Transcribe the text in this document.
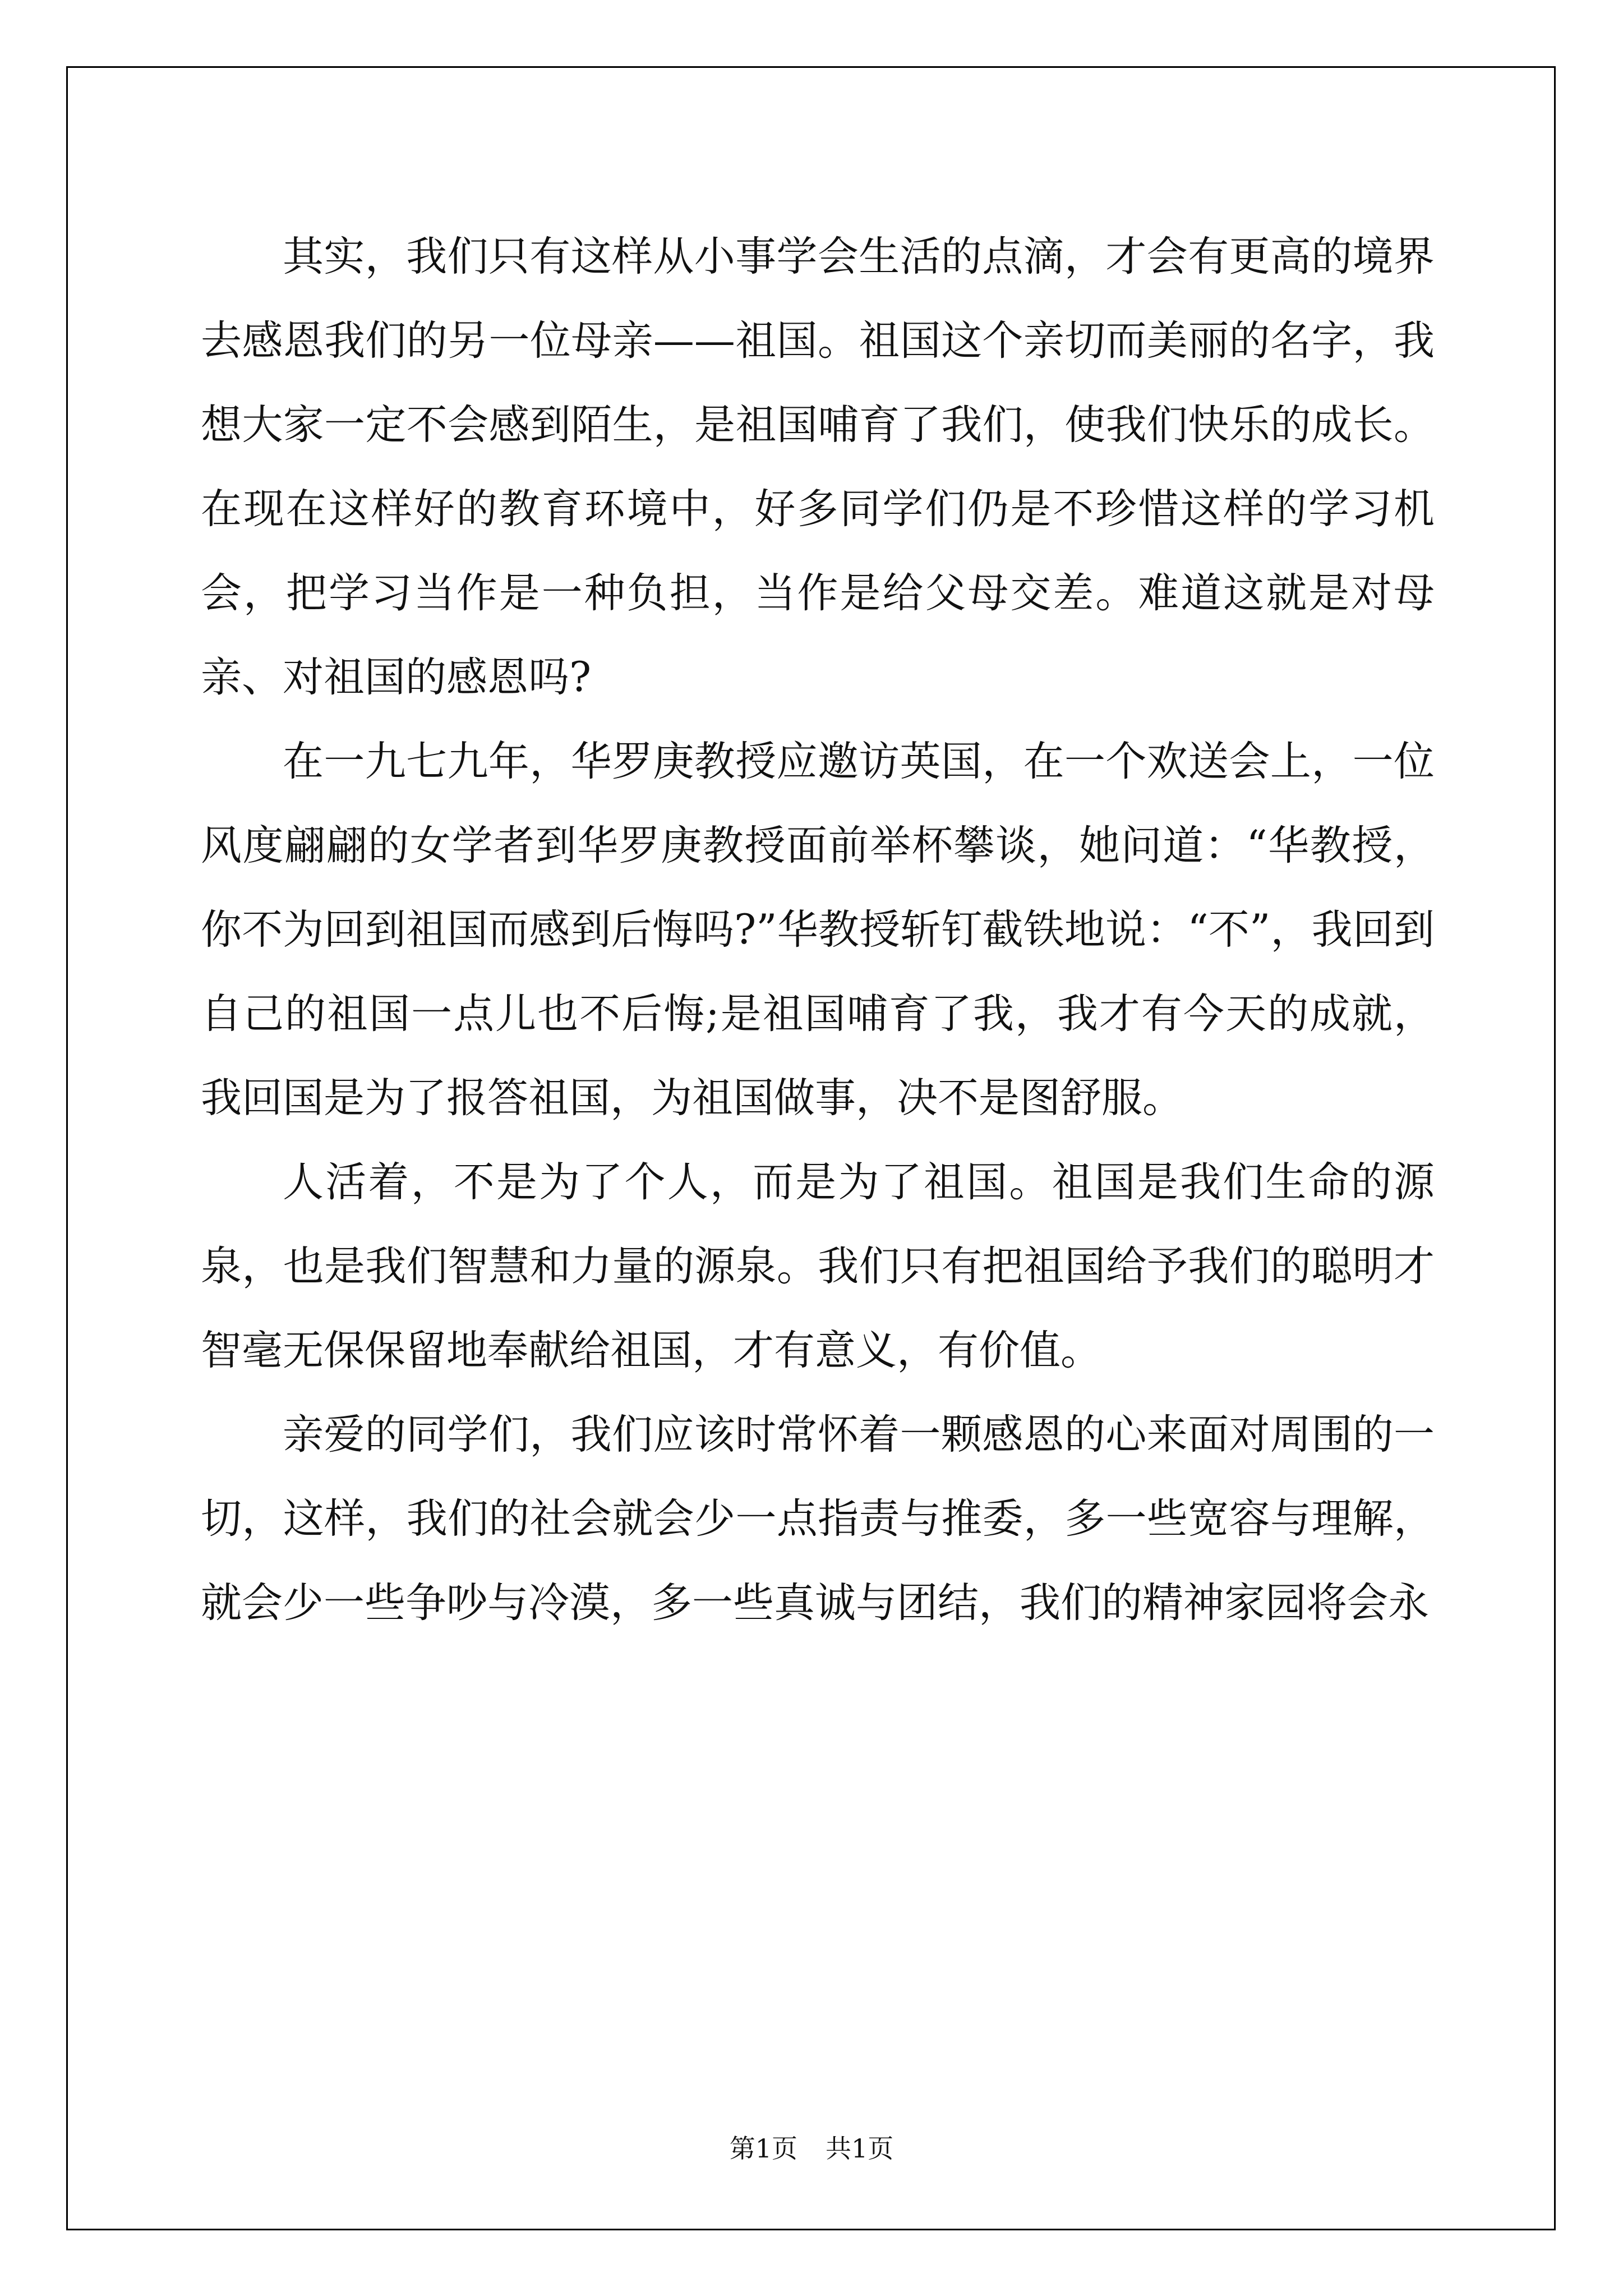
其实，我们只有这样从小事学会生活的点滴，才会有更高的境界去感恩我们的另一位母亲——祖国。祖国这个亲切而美丽的名字，我想大家一定不会感到陌生，是祖国哺育了我们，使我们快乐的成长。在现在这样好的教育环境中，好多同学们仍是不珍惜这样的学习机会，把学习当作是一种负担，当作是给父母交差。难道这就是对母亲、对祖国的感恩吗?

在一九七九年，华罗庚教授应邀访英国，在一个欢送会上，一位风度翩翩的女学者到华罗庚教授面前举杯攀谈，她问道：“华教授，你不为回到祖国而感到后悔吗?”华教授斩钉截铁地说：“不”，我回到自己的祖国一点儿也不后悔;是祖国哺育了我，我才有今天的成就，我回国是为了报答祖国，为祖国做事，决不是图舒服。

人活着，不是为了个人，而是为了祖国。祖国是我们生命的源泉，也是我们智慧和力量的源泉。我们只有把祖国给予我们的聪明才智毫无保保留地奉献给祖国，才有意义，有价值。

亲爱的同学们，我们应该时常怀着一颗感恩的心来面对周围的一切，这样，我们的社会就会少一点指责与推委，多一些宽容与理解，就会少一些争吵与冷漠，多一些真诚与团结，我们的精神家园将会永

第1页 共1页
